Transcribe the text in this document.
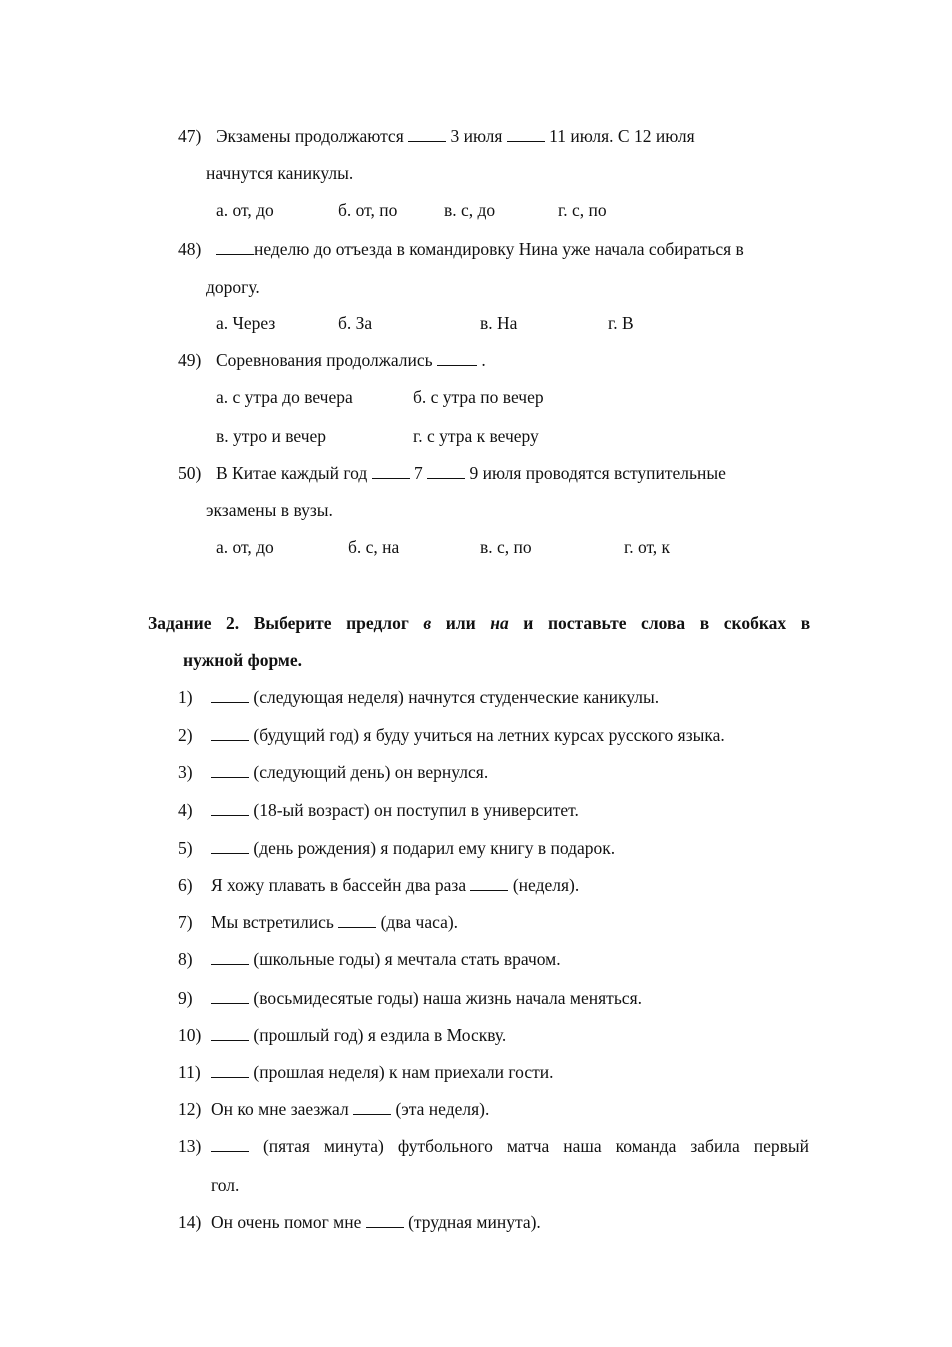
47) Экзамены продолжаются	3 июля	11 июля. С 12 июля
начнутся каникулы.
а. от, до	б. от, по	в. с, до	г. с, по
48)	неделю до отъезда в командировку Нина уже начала собираться в
дорогу.
а. Через	б. За	в. На	г. В
49) Соревнования продолжались	.
а. с утра до вечера	б. с утра по вечер
в. утро и вечер	г. с утра к вечеру
50) В Китае каждый год	7	9 июля проводятся вступительные
экзамены в вузы.
а. от, до	б. с, на	в. с, по	г. от, к
Задание 2. Выберите предлог в или на и поставьте слова в скобках в
нужной форме.
1)	(следующая неделя) начнутся студенческие каникулы.
2)	(будущий год) я буду учиться на летних курсах русского языка.
3)	(следующий день) он вернулся.
4)	(18-ый возраст) он поступил в университет.
5)	(день рождения) я подарил ему книгу в подарок.
6) Я хожу плавать в бассейн два раза	(неделя).
7) Мы встретились	(два часа).
8)	(школьные годы) я мечтала стать врачом.
9)	(восьмидесятые годы) наша жизнь начала меняться.
10)	(прошлый год) я ездила в Москву.
11)	(прошлая неделя) к нам приехали гости.
12) Он ко мне заезжал	(эта неделя).
13)	(пятая минута) футбольного матча наша команда забила первый
гол.
14) Он очень помог мне	(трудная минута).
